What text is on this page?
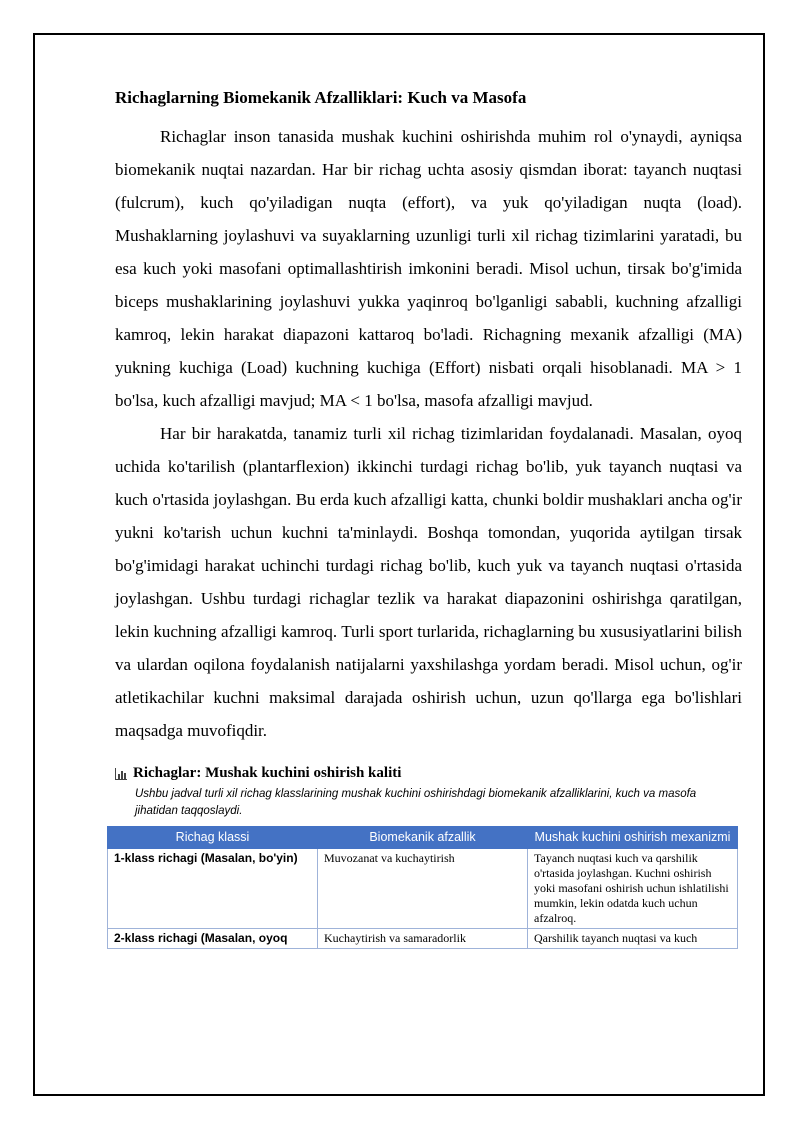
Richaglarning Biomekanik Afzalliklari: Kuch va Masofa

Richaglar inson tanasida mushak kuchini oshirishda muhim rol o'ynaydi, ayniqsa biomekanik nuqtai nazardan. Har bir richag uchta asosiy qismdan iborat: tayanch nuqtasi (fulcrum), kuch qo'yiladigan nuqta (effort), va yuk qo'yiladigan nuqta (load). Mushaklarning joylashuvi va suyaklarning uzunligi turli xil richag tizimlarini yaratadi, bu esa kuch yoki masofani optimallashtirish imkonini beradi. Misol uchun, tirsak bo'g'imida biceps mushaklarining joylashuvi yukka yaqinroq bo'lganligi sababli, kuchning afzalligi kamroq, lekin harakat diapazoni kattaroq bo'ladi. Richagning mexanik afzalligi (MA) yukning kuchiga (Load) kuchning kuchiga (Effort) nisbati orqali hisoblanadi. MA > 1 bo'lsa, kuch afzalligi mavjud; MA < 1 bo'lsa, masofa afzalligi mavjud.

Har bir harakatda, tanamiz turli xil richag tizimlaridan foydalanadi. Masalan, oyoq uchida ko'tarilish (plantarflexion) ikkinchi turdagi richag bo'lib, yuk tayanch nuqtasi va kuch o'rtasida joylashgan. Bu erda kuch afzalligi katta, chunki boldir mushaklari ancha og'ir yukni ko'tarish uchun kuchni ta'minlaydi. Boshqa tomondan, yuqorida aytilgan tirsak bo'g'imidagi harakat uchinchi turdagi richag bo'lib, kuch yuk va tayanch nuqtasi o'rtasida joylashgan. Ushbu turdagi richaglar tezlik va harakat diapazonini oshirishga qaratilgan, lekin kuchning afzalligi kamroq. Turli sport turlarida, richaglarning bu xususiyatlarini bilish va ulardan oqilona foydalanish natijalarni yaxshilashga yordam beradi. Misol uchun, og'ir atletikachilar kuchni maksimal darajada oshirish uchun, uzun qo'llarga ega bo'lishlari maqsadga muvofiqdir.

Richaglar: Mushak kuchini oshirish kaliti
Ushbu jadval turli xil richag klasslarining mushak kuchini oshirishdagi biomekanik afzalliklarini, kuch va masofa jihatidan taqqoslaydi.
Richag klassi	Biomekanik afzallik	Mushak kuchini oshirish mexanizmi
1-klass richagi (Masalan, bo'yin)	Muvozanat va kuchaytirish	Tayanch nuqtasi kuch va qarshilik o'rtasida joylashgan. Kuchni oshirish yoki masofani oshirish uchun ishlatilishi mumkin, lekin odatda kuch uchun afzalroq.
2-klass richagi (Masalan, oyoq	Kuchaytirish va samaradorlik	Qarshilik tayanch nuqtasi va kuch
